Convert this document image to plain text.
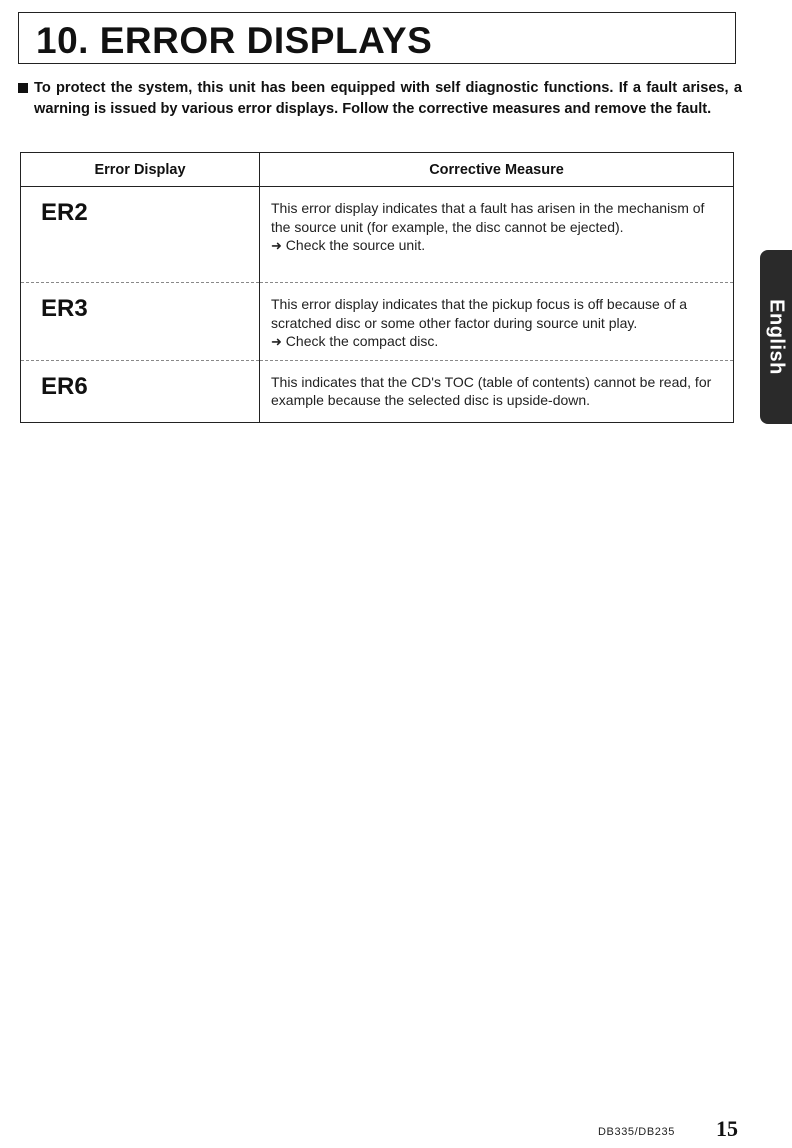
10. ERROR DISPLAYS

To protect the system, this unit has been equipped with self diagnostic functions. If a fault arises, a warning is issued by various error displays. Follow the corrective measures and remove the fault.

Error Display	Corrective Measure

ER2	This error display indicates that a fault has arisen in the mechanism of the source unit (for example, the disc cannot be ejected).
➜ Check the source unit.

ER3	This error display indicates that the pickup focus is off because of a scratched disc or some other factor during source unit play.
➜ Check the compact disc.

ER6	This indicates that the CD's TOC (table of contents) cannot be read, for example because the selected disc is upside-down.
English
DB335/DB235 15
